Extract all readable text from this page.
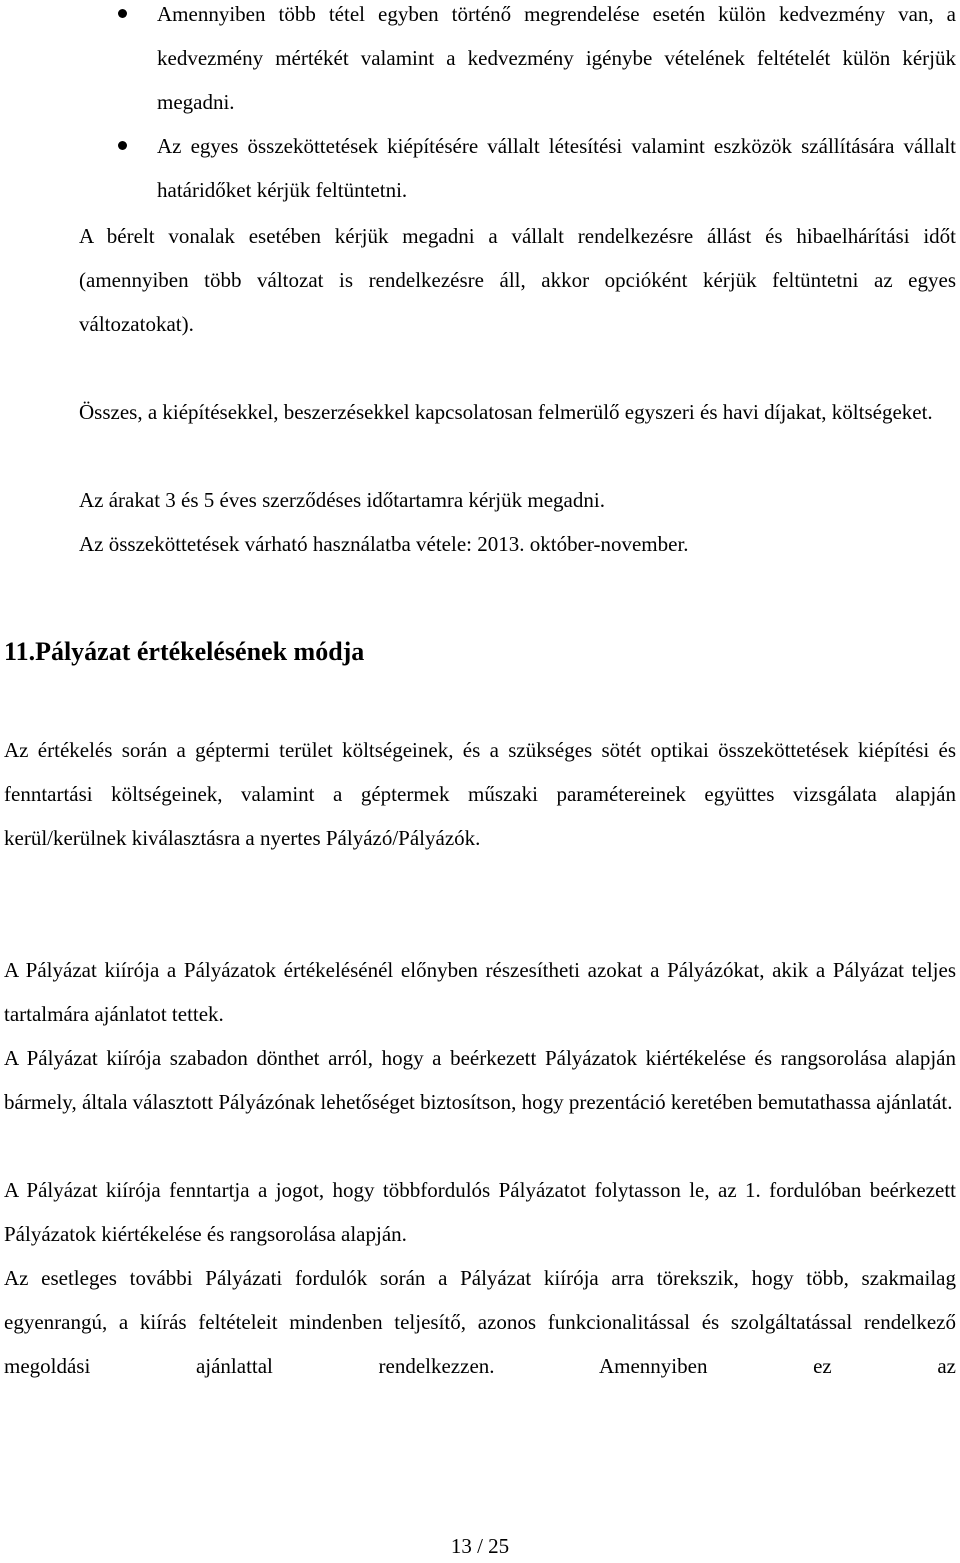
Amennyiben több tétel egyben történő megrendelése esetén külön kedvezmény van, a kedvezmény mértékét valamint a kedvezmény igénybe vételének feltételét külön kérjük megadni.
Az egyes összeköttetések kiépítésére vállalt létesítési valamint eszközök szállítására vállalt határidőket kérjük feltüntetni.

A bérelt vonalak esetében kérjük megadni a vállalt rendelkezésre állást és hibaelhárítási időt (amennyiben több változat is rendelkezésre áll, akkor opcióként kérjük feltüntetni az egyes változatokat).

Összes, a kiépítésekkel, beszerzésekkel kapcsolatosan felmerülő egyszeri és havi díjakat, költségeket.

Az árakat 3 és 5 éves szerződéses időtartamra kérjük megadni.

Az összeköttetések várható használatba vétele: 2013. október-november.

11.Pályázat értékelésének módja

Az értékelés során a géptermi terület költségeinek, és a szükséges sötét optikai összeköttetések kiépítési és fenntartási költségeinek, valamint a géptermek műszaki paramétereinek együttes vizsgálata alapján kerül/kerülnek kiválasztásra a nyertes Pályázó/Pályázók.

A Pályázat kiírója a Pályázatok értékelésénél előnyben részesítheti azokat a Pályázókat, akik a Pályázat teljes tartalmára ajánlatot tettek.

A Pályázat kiírója szabadon dönthet arról, hogy a beérkezett Pályázatok kiértékelése és rangsorolása alapján bármely, általa választott Pályázónak lehetőséget biztosítson, hogy prezentáció keretében bemutathassa ajánlatát.

A Pályázat kiírója fenntartja a jogot, hogy többfordulós Pályázatot folytasson le, az 1. fordulóban beérkezett Pályázatok kiértékelése és rangsorolása alapján.

Az esetleges további Pályázati fordulók során a Pályázat kiírója arra törekszik, hogy több, szakmailag egyenrangú, a kiírás feltételeit mindenben teljesítő, azonos funkcionalitással és szolgáltatással rendelkező megoldási ajánlattal rendelkezzen. Amennyiben ez az

13 / 25
